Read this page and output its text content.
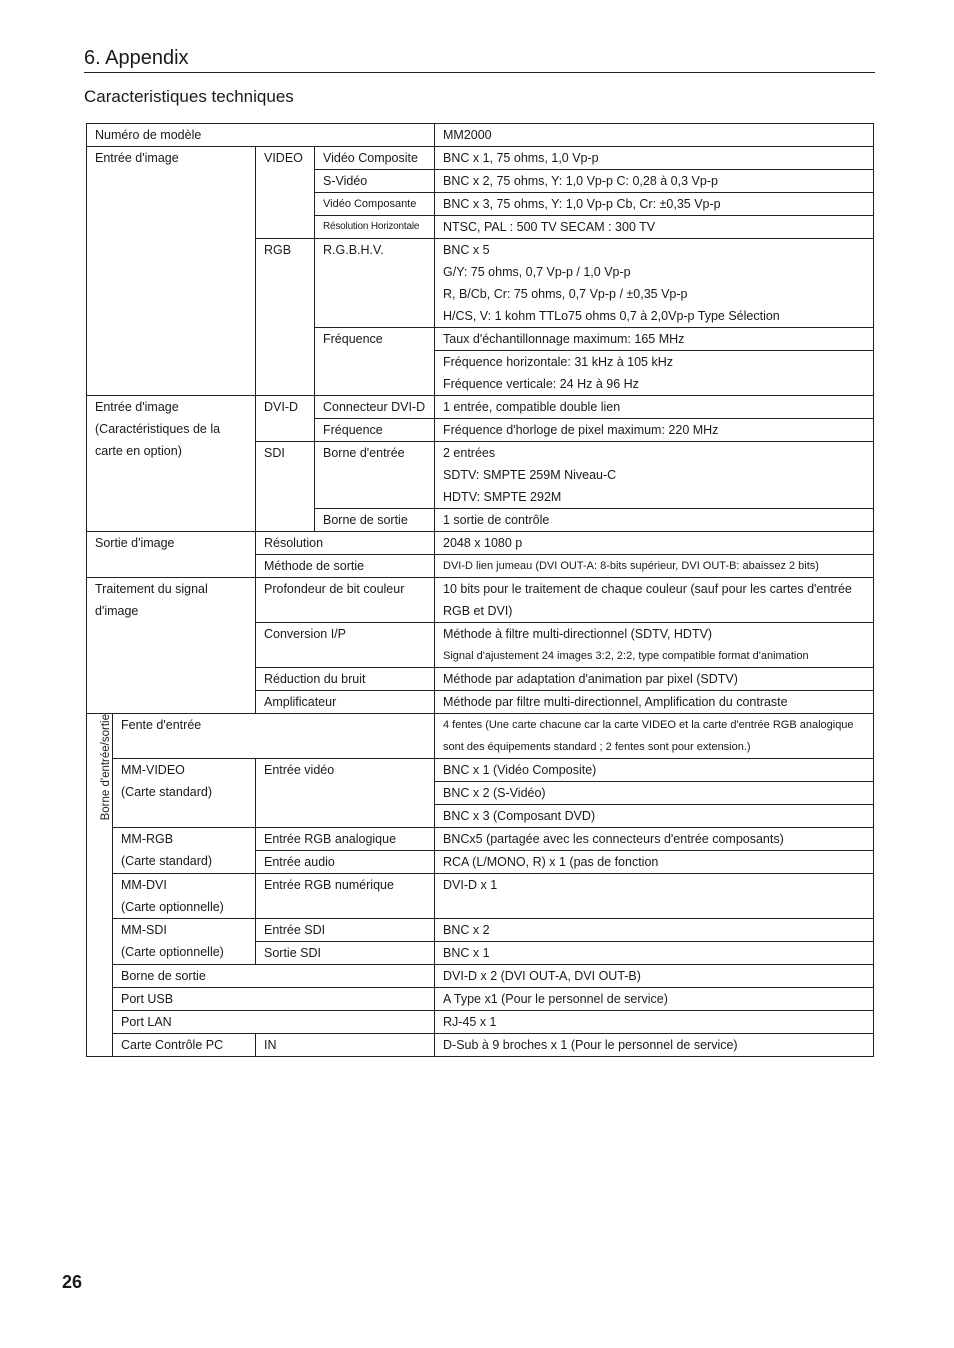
6. Appendix
Caracteristiques techniques
Numéro de modèle				MM2000
Entrée d'image		VIDEO	Vidéo Composite	BNC x 1, 75 ohms, 1,0 Vp-p
			S-Vidéo	BNC x 2, 75 ohms, Y: 1,0 Vp-p C: 0,28 à 0,3 Vp-p
			Vidéo Composante	BNC x 3, 75 ohms, Y: 1,0 Vp-p Cb, Cr: ±0,35 Vp-p
			Résolution Horizontale	NTSC, PAL : 500 TV SECAM : 300 TV
		RGB	R.G.B.H.V.	BNC x 5
G/Y: 75 ohms, 0,7 Vp-p / 1,0 Vp-p
R, B/Cb, Cr: 75 ohms, 0,7 Vp-p / ±0,35 Vp-p
H/CS, V: 1 kohm TTLo75 ohms 0,7 à 2,0Vp-p Type Sélection

			Fréquence	Taux d'échantillonnage maximum: 165 MHz
				Fréquence horizontale: 31 kHz à 105 kHz
				Fréquence verticale: 24 Hz à 96 Hz

Entrée d'image
(Caractéristiques de la
carte en option)		DVI-D	Connecteur DVI-D	1 entrée, compatible double lien
			Fréquence	Fréquence d'horloge de pixel maximum: 220 MHz
		SDI	Borne d'entrée	2 entrées
SDTV: SMPTE 259M Niveau-C
HDTV: SMPTE 292M

			Borne de sortie	1 sortie de contrôle
Sortie d'image		Résolution		2048 x 1080 p
		Méthode de sortie		DVI-D lien jumeau (DVI OUT-A: 8-bits supérieur, DVI OUT-B: abaissez 2 bits)
Traitement du signal d'image		Profondeur de bit couleur		10 bits pour le traitement de chaque couleur (sauf pour les cartes d'entrée RGB et DVI)
		Conversion I/P		Méthode à filtre multi-directionnel (SDTV, HDTV)
Signal d'ajustement 24 images 3:2, 2:2, type compatible format d'animation

		Réduction du bruit		Méthode par adaptation d'animation par pixel (SDTV)
		Amplificateur		Méthode par filtre multi-directionnel, Amplification du contraste
Borne d'entrée/sortie	Fente d'entrée			4 fentes (Une carte chacune car la carte VIDEO et la carte d'entrée RGB analogique sont des équipements standard ; 2 fentes sont pour extension.)

	MM-VIDEO
(Carte standard)	Entrée vidéo		BNC x 1 (Vidéo Composite)
				BNC x 2 (S-Vidéo)
				BNC x 3 (Composant DVD)

	MM-RGB
(Carte standard)	Entrée RGB analogique		BNCx5 (partagée avec les connecteurs d'entrée composants)
		Entrée audio		RCA (L/MONO, R) x 1 (pas de fonction

	MM-DVI
(Carte optionnelle)	Entrée RGB numérique		DVI-D x 1

	MM-SDI
(Carte optionnelle)	Entrée SDI		BNC x 2
		Sortie SDI		BNC x 1
	Borne de sortie			DVI-D x 2 (DVI OUT-A, DVI OUT-B)
	Port USB			A Type x1 (Pour le personnel de service)
	Port LAN			RJ-45 x 1
	Carte Contrôle PC	IN		D-Sub à 9 broches x 1 (Pour le personnel de service)
26
